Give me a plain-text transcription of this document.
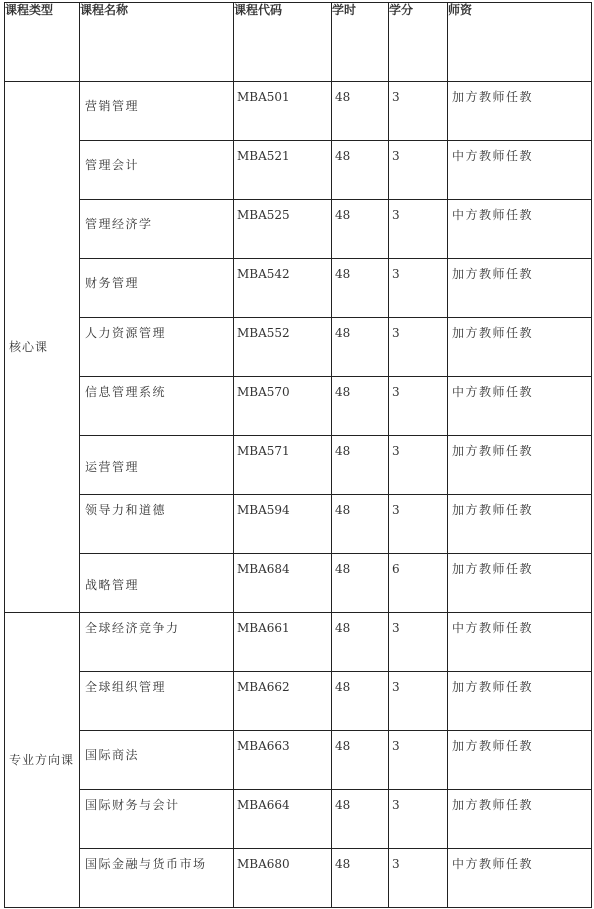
课程类型	课程名称	课程代码	学时	学分	师资
核心课	营销管理	MBA501	48	3	加方教师任教
	管理会计	MBA521	48	3	中方教师任教
	管理经济学	MBA525	48	3	中方教师任教
	财务管理	MBA542	48	3	加方教师任教
	人力资源管理	MBA552	48	3	加方教师任教
	信息管理系统	MBA570	48	3	中方教师任教
	运营管理	MBA571	48	3	加方教师任教
	领导力和道德	MBA594	48	3	加方教师任教
	战略管理	MBA684	48	6	加方教师任教
专业方向课	全球经济竞争力	MBA661	48	3	中方教师任教
	全球组织管理	MBA662	48	3	加方教师任教
	国际商法	MBA663	48	3	加方教师任教
	国际财务与会计	MBA664	48	3	加方教师任教
	国际金融与货币市场	MBA680	48	3	中方教师任教
